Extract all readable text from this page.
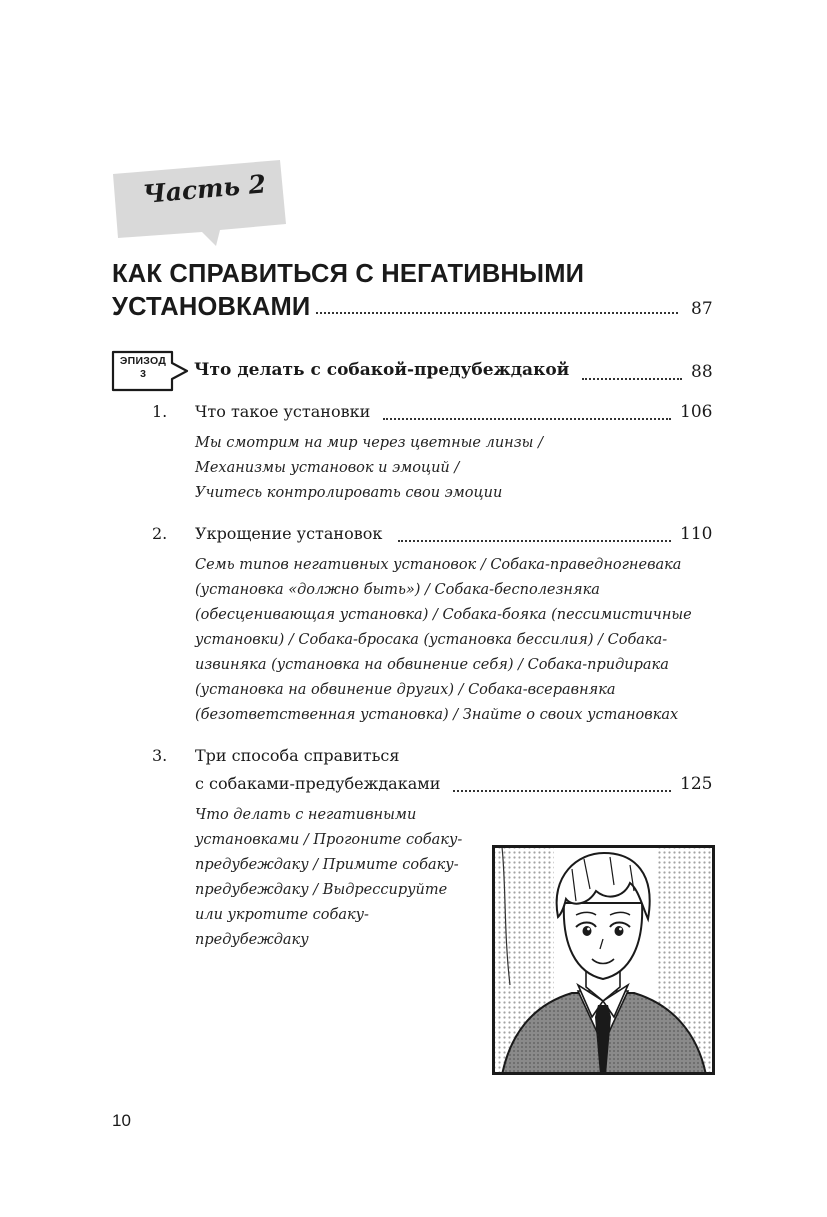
Часть 2
КАК СПРАВИТЬСЯ С НЕГАТИВНЫМИ
УСТАНОВКАМИ	87
ЭПИЗОД
3	Что делать с собакой-предубеждакой	88
1. Что такое установки	106
Мы смотрим на мир через цветные линзы /
Механизмы установок и эмоций /
Учитесь контролировать свои эмоции
2. Укрощение установок	110
Семь типов негативных установок / Собака-праведногневака
(установка «должно быть») / Собака-бесполезняка
(обесценивающая установка) / Собака-бояка (пессимистичные
установки) / Собака-бросака (установка бессилия) / Собака-
извиняка (установка на обвинение себя) / Собака-придирака
(установка на обвинение других) / Собака-всеравняка
(безответственная установка) / Знайте о своих установках
3. Три способа справиться
с собаками-предубеждаками	125
Что делать с негативными
установками / Прогоните собаку-
предубеждаку / Примите собаку-
предубеждаку / Выдрессируйте
или укротите собаку-
предубеждаку
10
